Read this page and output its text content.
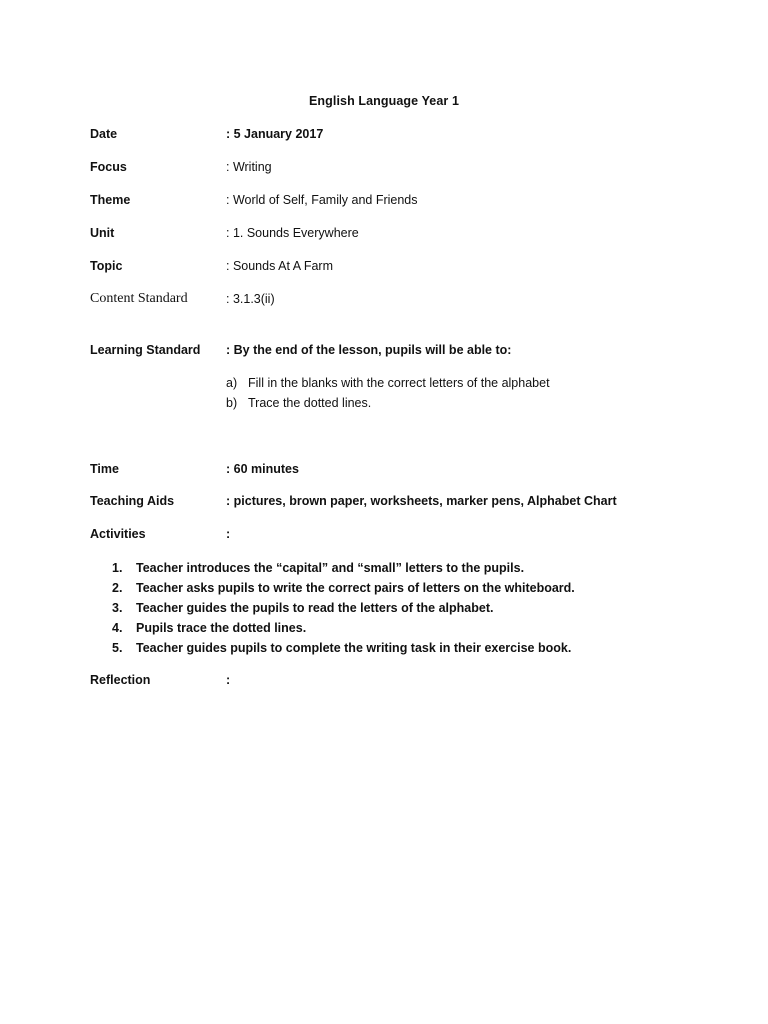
English Language Year 1
Date	: 5 January 2017
Focus	: Writing
Theme	: World of Self, Family and Friends
Unit	: 1. Sounds Everywhere
Topic	: Sounds At A Farm
Content Standard	: 3.1.3(ii)
Learning Standard : By the end of the lesson, pupils will be able to:
a) Fill in the blanks with the correct letters of the alphabet
b) Trace the dotted lines.
Time	: 60 minutes
Teaching Aids	: pictures, brown paper, worksheets, marker pens, Alphabet Chart
Activities	:
1. Teacher introduces the “capital” and “small” letters to the pupils.
2. Teacher asks pupils to write the correct pairs of letters on the whiteboard.
3. Teacher guides the pupils to read the letters of the alphabet.
4. Pupils trace the dotted lines.
5. Teacher guides pupils to complete the writing task in their exercise book.
Reflection	:
